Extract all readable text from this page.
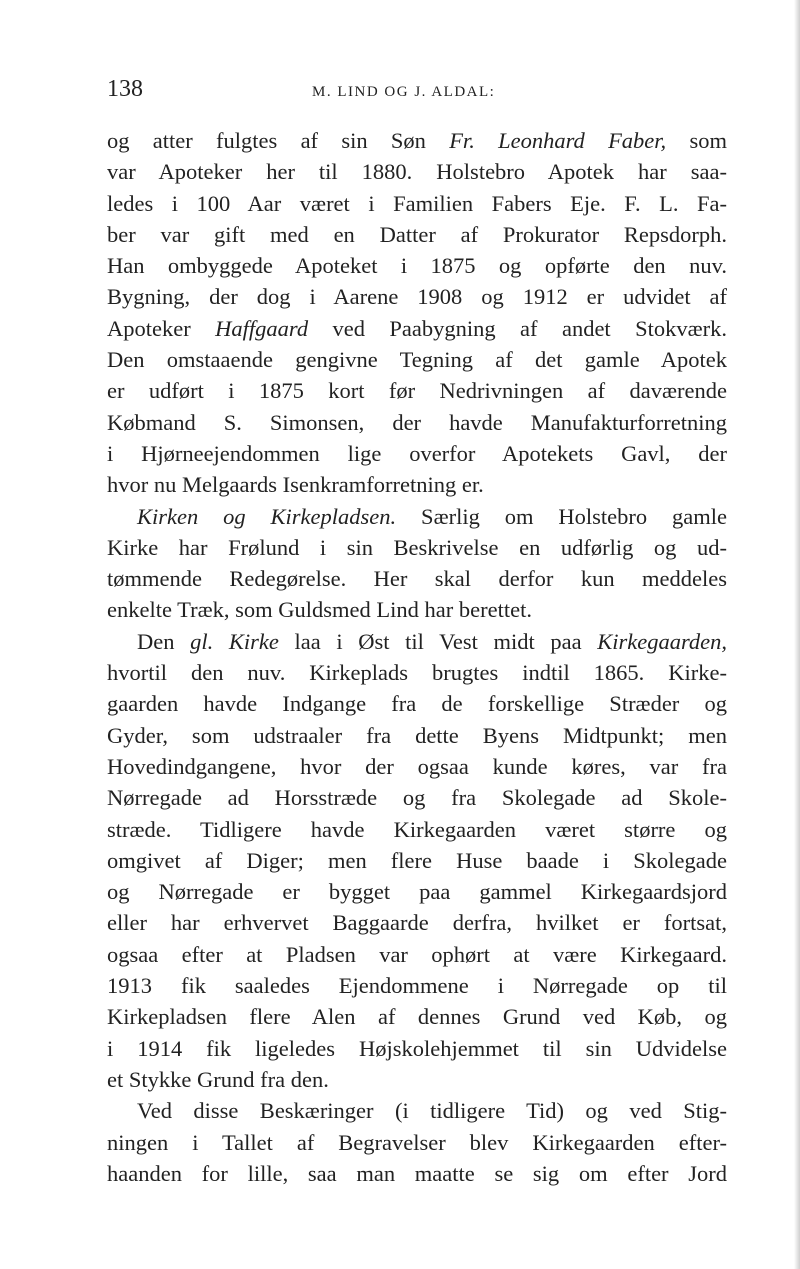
138	M. LIND OG J. ALDAL:
og atter fulgtes af sin Søn Fr. Leonhard Faber, som
var Apoteker her til 1880. Holstebro Apotek har saa-
ledes i 100 Aar været i Familien Fabers Eje. F. L. Fa-
ber var gift med en Datter af Prokurator Repsdorph.
Han ombyggede Apoteket i 1875 og opførte den nuv.
Bygning, der dog i Aarene 1908 og 1912 er udvidet af
Apoteker Haffgaard ved Paabygning af andet Stokværk.
Den omstaaende gengivne Tegning af det gamle Apotek
er udført i 1875 kort før Nedrivningen af daværende
Købmand S. Simonsen, der havde Manufakturforretning
i Hjørneejendommen lige overfor Apotekets Gavl, der
hvor nu Melgaards Isenkramforretning er.
Kirken og Kirkepladsen. Særlig om Holstebro gamle
Kirke har Frølund i sin Beskrivelse en udførlig og ud-
tømmende Redegørelse. Her skal derfor kun meddeles
enkelte Træk, som Guldsmed Lind har berettet.
Den gl. Kirke laa i Øst til Vest midt paa Kirkegaarden,
hvortil den nuv. Kirkeplads brugtes indtil 1865. Kirke-
gaarden havde Indgange fra de forskellige Stræder og
Gyder, som udstraaler fra dette Byens Midtpunkt; men
Hovedindgangene, hvor der ogsaa kunde køres, var fra
Nørregade ad Horsstræde og fra Skolegade ad Skole-
stræde. Tidligere havde Kirkegaarden været større og
omgivet af Diger; men flere Huse baade i Skolegade
og Nørregade er bygget paa gammel Kirkegaardsjord
eller har erhvervet Baggaarde derfra, hvilket er fortsat,
ogsaa efter at Pladsen var ophørt at være Kirkegaard.
1913 fik saaledes Ejendommene i Nørregade op til
Kirkepladsen flere Alen af dennes Grund ved Køb, og
i 1914 fik ligeledes Højskolehjemmet til sin Udvidelse
et Stykke Grund fra den.
Ved disse Beskæringer (i tidligere Tid) og ved Stig-
ningen i Tallet af Begravelser blev Kirkegaarden efter-
haanden for lille, saa man maatte se sig om efter Jord
